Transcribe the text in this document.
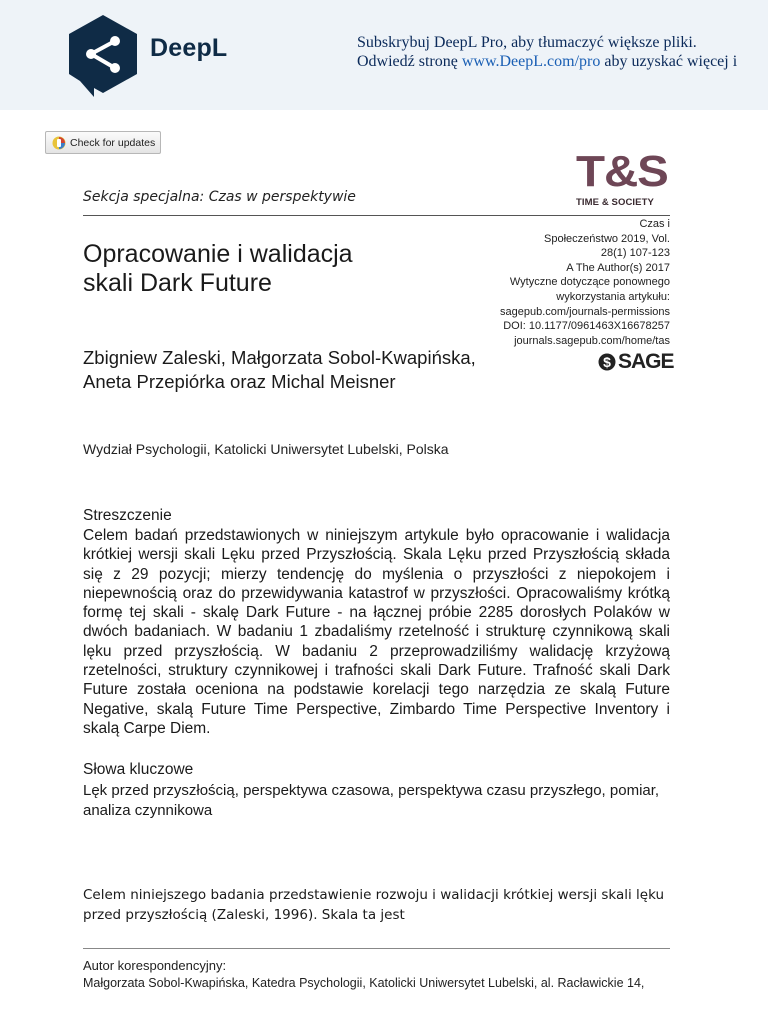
DeepL	Subskrybuj DeepL Pro, aby tłumaczyć większe pliki.
Odwiedź stronę www.DeepL.com/pro aby uzyskać więcej i
Check for updates
T&S
TIME & SOCIETY
Sekcja specjalna: Czas w perspektywie
Czas i
Społeczeństwo 2019, Vol.
28(1) 107-123
A The Author(s) 2017
Wytyczne dotyczące ponownego
wykorzystania artykułu:
sagepub.com/journals-permissions
DOI: 10.1177/0961463X16678257
journals.sagepub.com/home/tas
$ SAGE
Opracowanie i walidacja skali Dark Future
Zbigniew Zaleski, Małgorzata Sobol-Kwapińska, Aneta Przepiórka oraz Michal Meisner
Wydział Psychologii, Katolicki Uniwersytet Lubelski, Polska
Streszczenie
Celem badań przedstawionych w niniejszym artykule było opracowanie i walidacja krótkiej wersji skali Lęku przed Przyszłością. Skala Lęku przed Przyszłością składa się z 29 pozycji; mierzy tendencję do myślenia o przyszłości z niepokojem i niepewnością oraz do przewidywania katastrof w przyszłości. Opracowaliśmy krótką formę tej skali - skalę Dark Future - na łącznej próbie 2285 dorosłych Polaków w dwóch badaniach. W badaniu 1 zbadaliśmy rzetelność i strukturę czynnikową skali lęku przed przyszłością. W badaniu 2 przeprowadziliśmy walidację krzyżową rzetelności, struktury czynnikowej i trafności skali Dark Future. Trafność skali Dark Future została oceniona na podstawie korelacji tego narzędzia ze skalą Future Negative, skalą Future Time Perspective, Zimbardo Time Perspective Inventory i skalą Carpe Diem.
Słowa kluczowe
Lęk przed przyszłością, perspektywa czasowa, perspektywa czasu przyszłego, pomiar, analiza czynnikowa
Celem niniejszego badania przedstawienie rozwoju i walidacji krótkiej wersji skali lęku przed przyszłością (Zaleski, 1996). Skala ta jest
Autor korespondencyjny:
Małgorzata Sobol-Kwapińska, Katedra Psychologii, Katolicki Uniwersytet Lubelski, al. Racławickie 14,
